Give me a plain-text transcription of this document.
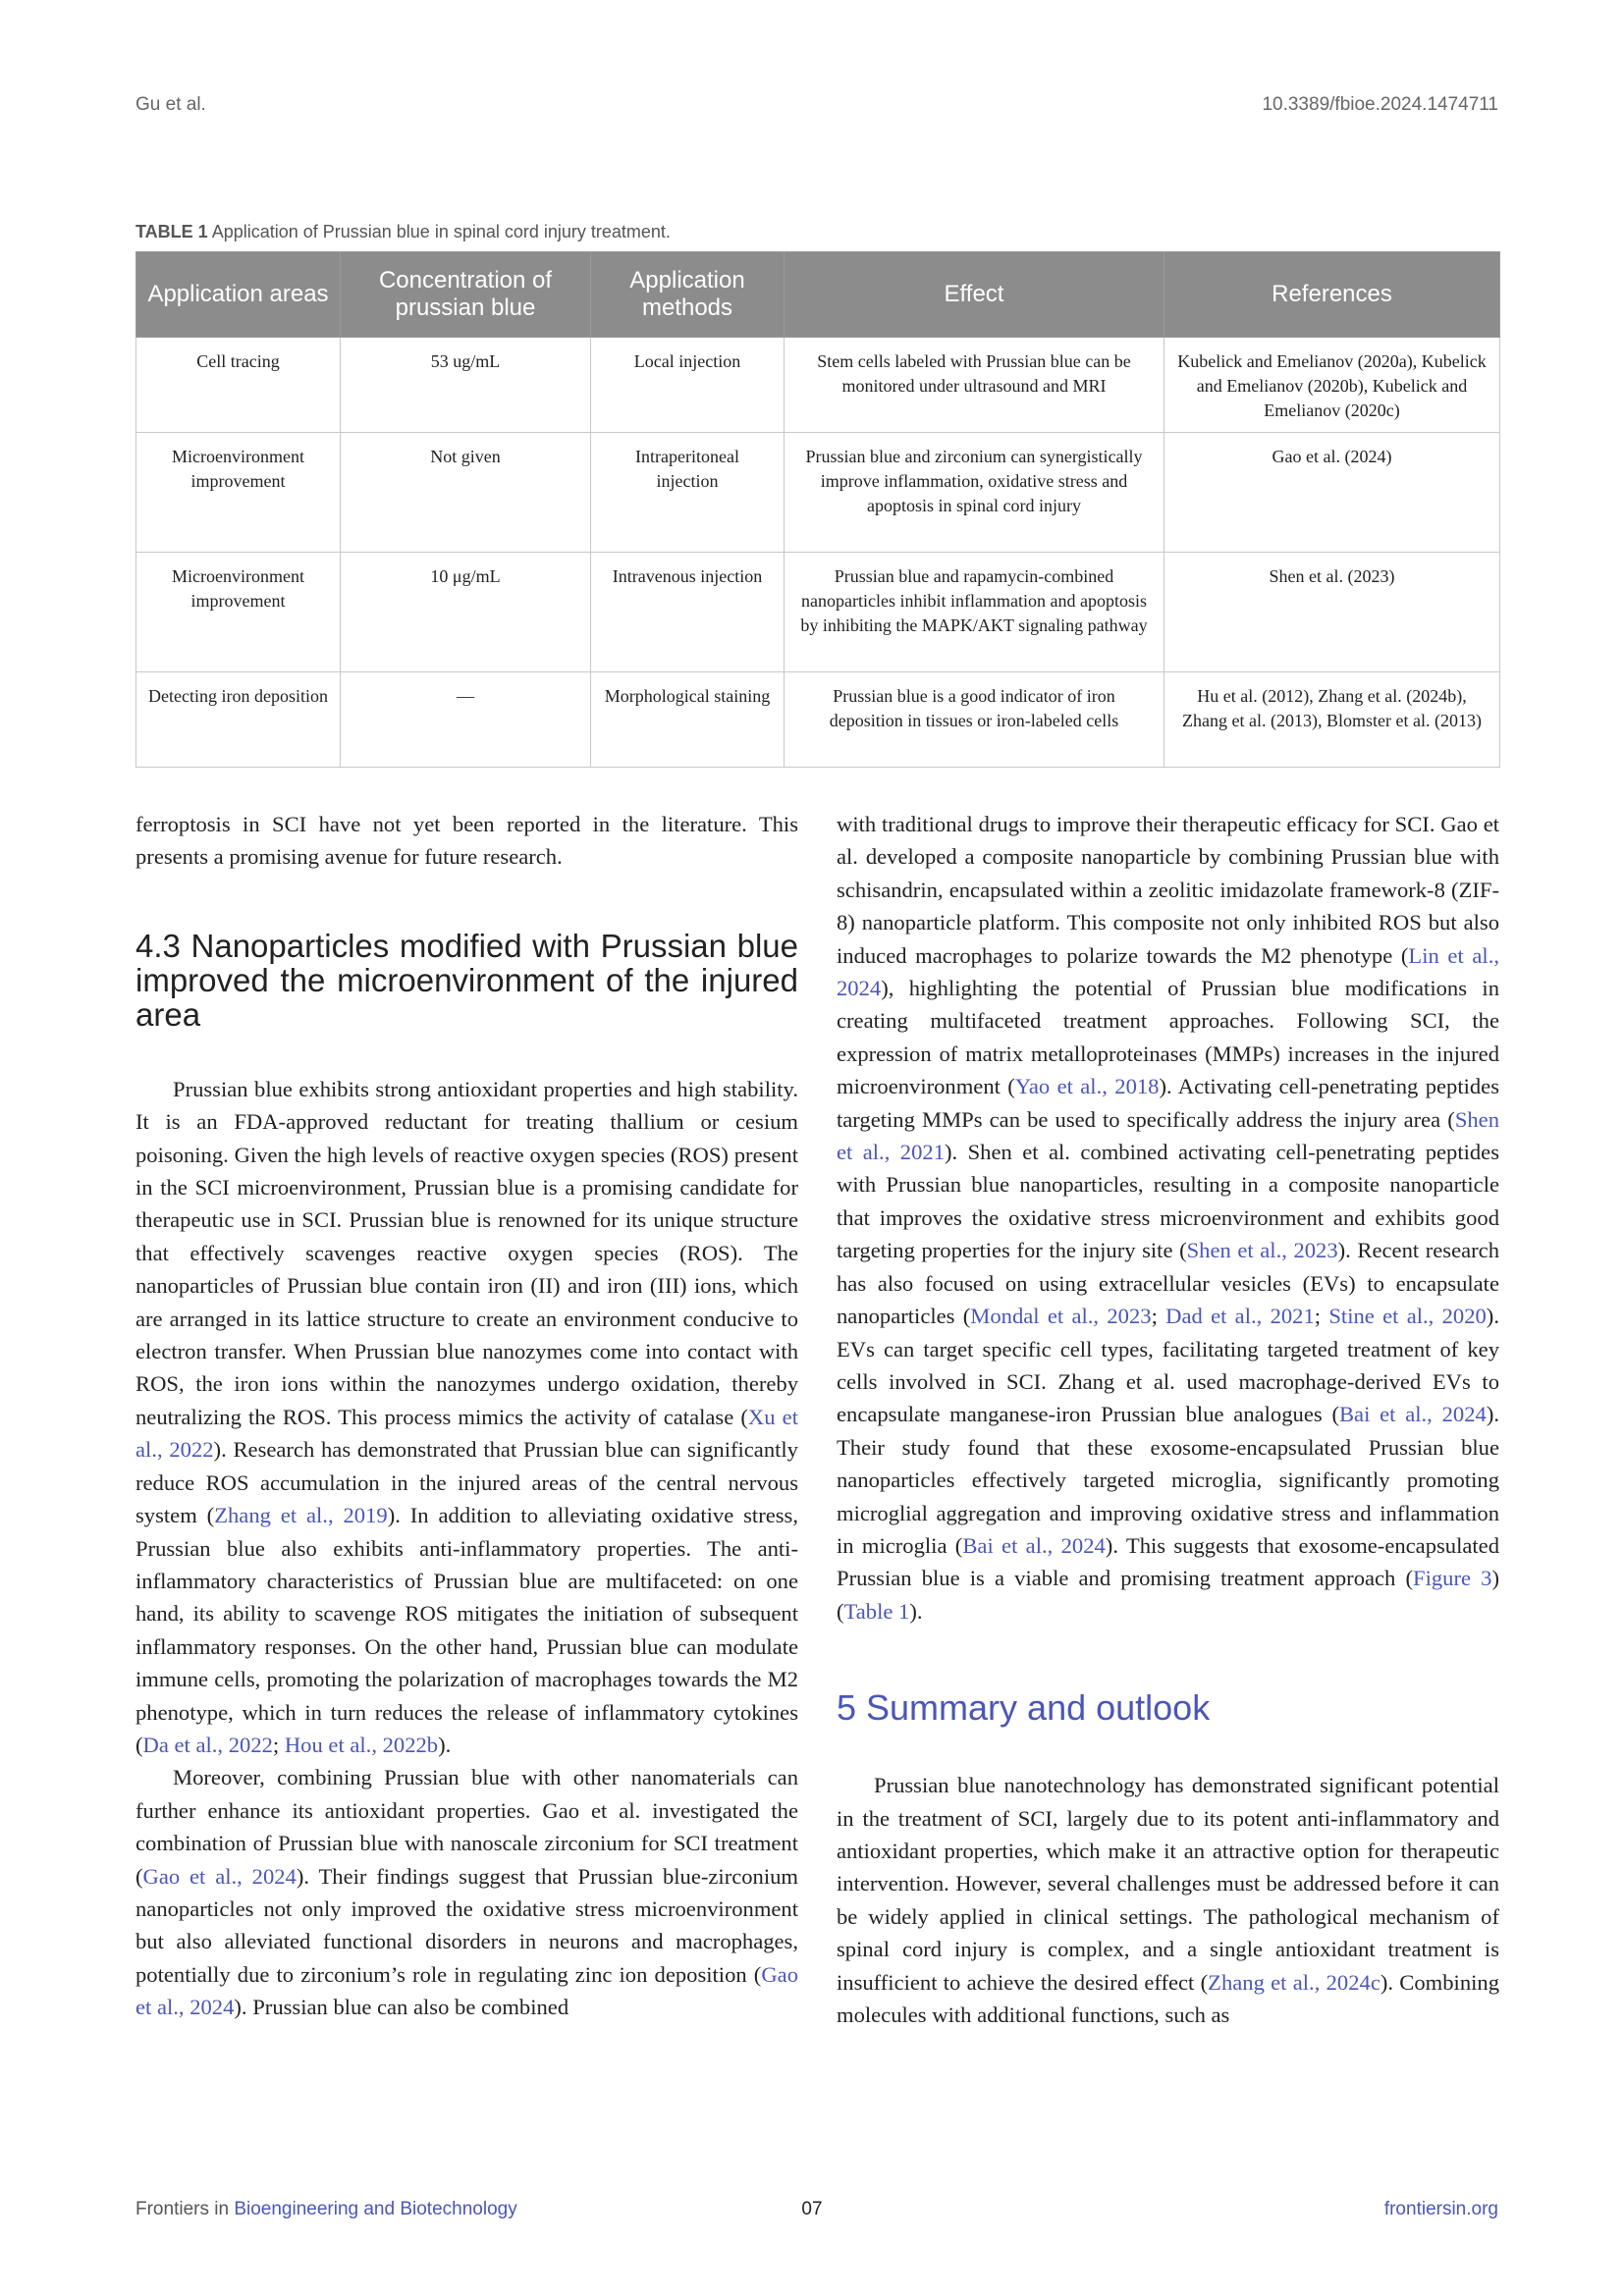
Gu et al.	10.3389/fbioe.2024.1474711
TABLE 1 Application of Prussian blue in spinal cord injury treatment.
Application areas	Concentration of prussian blue	Application methods	Effect	References
Cell tracing	53 ug/mL	Local injection	Stem cells labeled with Prussian blue can be monitored under ultrasound and MRI	Kubelick and Emelianov (2020a), Kubelick and Emelianov (2020b), Kubelick and Emelianov (2020c)
Microenvironment improvement	Not given	Intraperitoneal injection	Prussian blue and zirconium can synergistically improve inflammation, oxidative stress and apoptosis in spinal cord injury	Gao et al. (2024)
Microenvironment improvement	10 μg/mL	Intravenous injection	Prussian blue and rapamycin-combined nanoparticles inhibit inflammation and apoptosis by inhibiting the MAPK/AKT signaling pathway	Shen et al. (2023)
Detecting iron deposition	—	Morphological staining	Prussian blue is a good indicator of iron deposition in tissues or iron-labeled cells	Hu et al. (2012), Zhang et al. (2024b), Zhang et al. (2013), Blomster et al. (2013)

ferroptosis in SCI have not yet been reported in the literature. This presents a promising avenue for future research.

4.3 Nanoparticles modified with Prussian blue improved the microenvironment of the injured area

Prussian blue exhibits strong antioxidant properties and high stability. It is an FDA-approved reductant for treating thallium or cesium poisoning. Given the high levels of reactive oxygen species (ROS) present in the SCI microenvironment, Prussian blue is a promising candidate for therapeutic use in SCI. Prussian blue is renowned for its unique structure that effectively scavenges reactive oxygen species (ROS). The nanoparticles of Prussian blue contain iron (II) and iron (III) ions, which are arranged in its lattice structure to create an environment conducive to electron transfer. When Prussian blue nanozymes come into contact with ROS, the iron ions within the nanozymes undergo oxidation, thereby neutralizing the ROS. This process mimics the activity of catalase (Xu et al., 2022). Research has demonstrated that Prussian blue can significantly reduce ROS accumulation in the injured areas of the central nervous system (Zhang et al., 2019). In addition to alleviating oxidative stress, Prussian blue also exhibits anti-inflammatory properties. The anti-inflammatory characteristics of Prussian blue are multifaceted: on one hand, its ability to scavenge ROS mitigates the initiation of subsequent inflammatory responses. On the other hand, Prussian blue can modulate immune cells, promoting the polarization of macrophages towards the M2 phenotype, which in turn reduces the release of inflammatory cytokines (Da et al., 2022; Hou et al., 2022b).

Moreover, combining Prussian blue with other nanomaterials can further enhance its antioxidant properties. Gao et al. investigated the combination of Prussian blue with nanoscale zirconium for SCI treatment (Gao et al., 2024). Their findings suggest that Prussian blue-zirconium nanoparticles not only improved the oxidative stress microenvironment but also alleviated functional disorders in neurons and macrophages, potentially due to zirconium’s role in regulating zinc ion deposition (Gao et al., 2024). Prussian blue can also be combined

with traditional drugs to improve their therapeutic efficacy for SCI. Gao et al. developed a composite nanoparticle by combining Prussian blue with schisandrin, encapsulated within a zeolitic imidazolate framework-8 (ZIF-8) nanoparticle platform. This composite not only inhibited ROS but also induced macrophages to polarize towards the M2 phenotype (Lin et al., 2024), highlighting the potential of Prussian blue modifications in creating multifaceted treatment approaches. Following SCI, the expression of matrix metalloproteinases (MMPs) increases in the injured microenvironment (Yao et al., 2018). Activating cell-penetrating peptides targeting MMPs can be used to specifically address the injury area (Shen et al., 2021). Shen et al. combined activating cell-penetrating peptides with Prussian blue nanoparticles, resulting in a composite nanoparticle that improves the oxidative stress microenvironment and exhibits good targeting properties for the injury site (Shen et al., 2023). Recent research has also focused on using extracellular vesicles (EVs) to encapsulate nanoparticles (Mondal et al., 2023; Dad et al., 2021; Stine et al., 2020). EVs can target specific cell types, facilitating targeted treatment of key cells involved in SCI. Zhang et al. used macrophage-derived EVs to encapsulate manganese-iron Prussian blue analogues (Bai et al., 2024). Their study found that these exosome-encapsulated Prussian blue nanoparticles effectively targeted microglia, significantly promoting microglial aggregation and improving oxidative stress and inflammation in microglia (Bai et al., 2024). This suggests that exosome-encapsulated Prussian blue is a viable and promising treatment approach (Figure 3) (Table 1).

5 Summary and outlook

Prussian blue nanotechnology has demonstrated significant potential in the treatment of SCI, largely due to its potent anti-inflammatory and antioxidant properties, which make it an attractive option for therapeutic intervention. However, several challenges must be addressed before it can be widely applied in clinical settings. The pathological mechanism of spinal cord injury is complex, and a single antioxidant treatment is insufficient to achieve the desired effect (Zhang et al., 2024c). Combining molecules with additional functions, such as

Frontiers in Bioengineering and Biotechnology	07	frontiersin.org
